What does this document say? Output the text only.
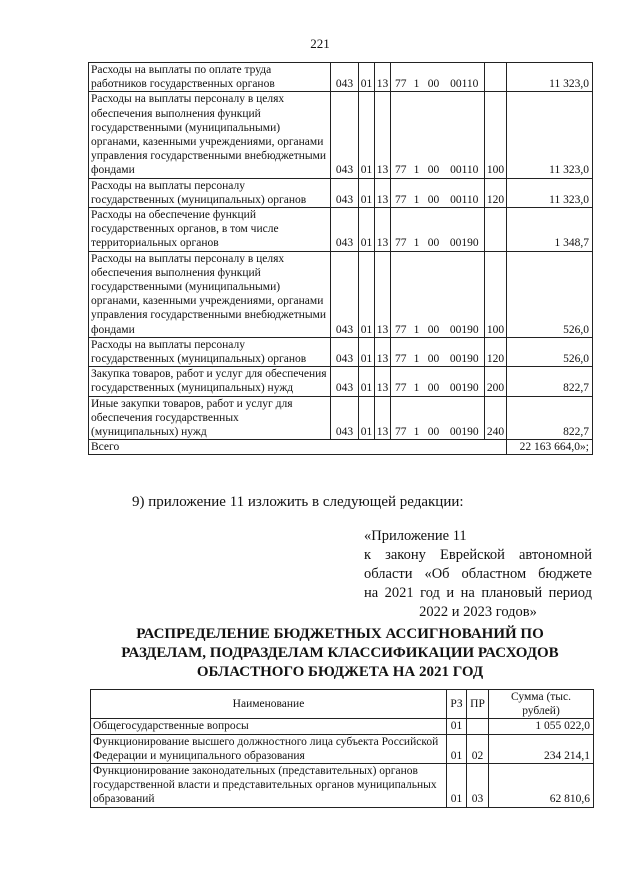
221
Расходы на выплаты по оплате труда работников государственных органов	043	01	13	77	1	00	00110		11 323,0
Расходы на выплаты персоналу в целях обеспечения выполнения функций государственными (муниципальными) органами, казенными учреждениями, органами управления государственными внебюджетными фондами	043	01	13	77	1	00	00110	100	11 323,0
Расходы на выплаты персоналу государственных (муниципальных) органов	043	01	13	77	1	00	00110	120	11 323,0
Расходы на обеспечение функций государственных органов, в том числе территориальных органов	043	01	13	77	1	00	00190		1 348,7
Расходы на выплаты персоналу в целях обеспечения выполнения функций государственными (муниципальными) органами, казенными учреждениями, органами управления государственными внебюджетными фондами	043	01	13	77	1	00	00190	100	526,0
Расходы на выплаты персоналу государственных (муниципальных) органов	043	01	13	77	1	00	00190	120	526,0
Закупка товаров, работ и услуг для обеспечения государственных (муниципальных) нужд	043	01	13	77	1	00	00190	200	822,7
Иные закупки товаров, работ и услуг для обеспечения государственных (муниципальных) нужд	043	01	13	77	1	00	00190	240	822,7
Всего									22 163 664,0»;
9) приложение 11 изложить в следующей редакции:
«Приложение 11
к закону Еврейской автономной
области «Об областном бюджете
на 2021 год и на плановый период
2022 и 2023 годов»
РАСПРЕДЕЛЕНИЕ БЮДЖЕТНЫХ АССИГНОВАНИЙ ПО
РАЗДЕЛАМ, ПОДРАЗДЕЛАМ КЛАССИФИКАЦИИ РАСХОДОВ
ОБЛАСТНОГО БЮДЖЕТА НА 2021 ГОД
Наименование	РЗ	ПР	Сумма (тыс. рублей)
Общегосударственные вопросы	01		1 055 022,0
Функционирование высшего должностного лица субъекта Российской Федерации и муниципального образования	01	02	234 214,1
Функционирование законодательных (представительных) органов государственной власти и представительных органов муниципальных образований	01	03	62 810,6
